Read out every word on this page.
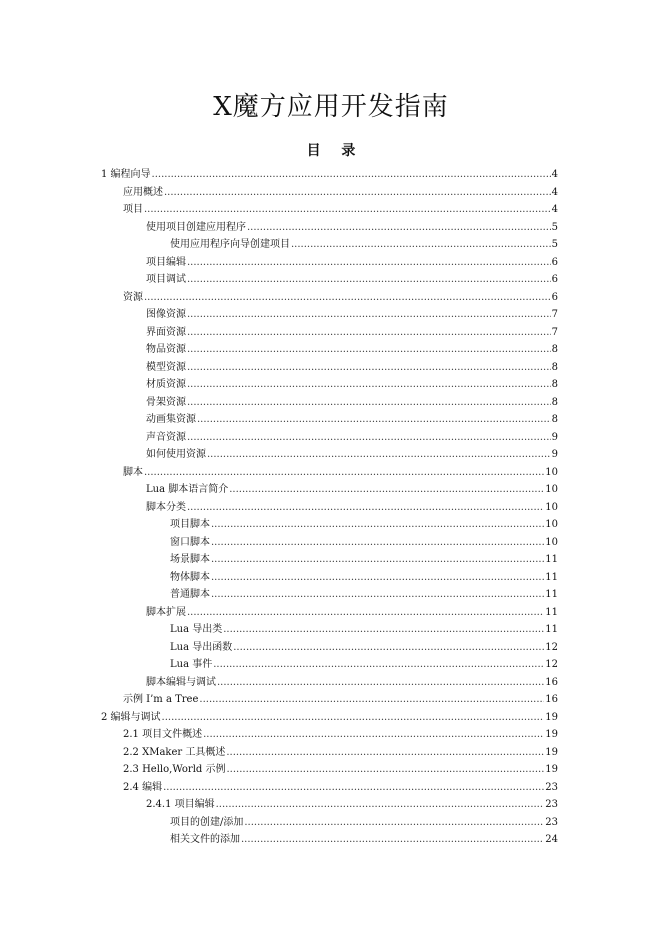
X魔方应用开发指南
目 录
1 编程向导 .....	4
应用概述 .....	4
项目 .....	4
使用项目创建应用程序 .....	5
使用应用程序向导创建项目 .....	5
项目编辑 .....	6
项目调试 .....	6
资源 .....	6
图像资源 .....	7
界面资源 .....	7
物品资源 .....	8
模型资源 .....	8
材质资源 .....	8
骨架资源 .....	8
动画集资源 .....	8
声音资源 .....	9
如何使用资源 .....	9
脚本 .....	10
Lua 脚本语言简介 .....	10
脚本分类 .....	10
项目脚本 .....	10
窗口脚本 .....	10
场景脚本 .....	11
物体脚本 .....	11
普通脚本 .....	11
脚本扩展 .....	11
Lua 导出类 .....	11
Lua 导出函数 .....	12
Lua 事件 .....	12
脚本编辑与调试 .....	16
示例 I’m a Tree .....	16
2 编辑与调试 .....	19
2.1 项目文件概述 .....	19
2.2 XMaker 工具概述 .....	19
2.3 Hello,World 示例 .....	19
2.4 编辑 .....	23
2.4.1 项目编辑 .....	23
项目的创建/添加 .....	23
相关文件的添加 .....	24
